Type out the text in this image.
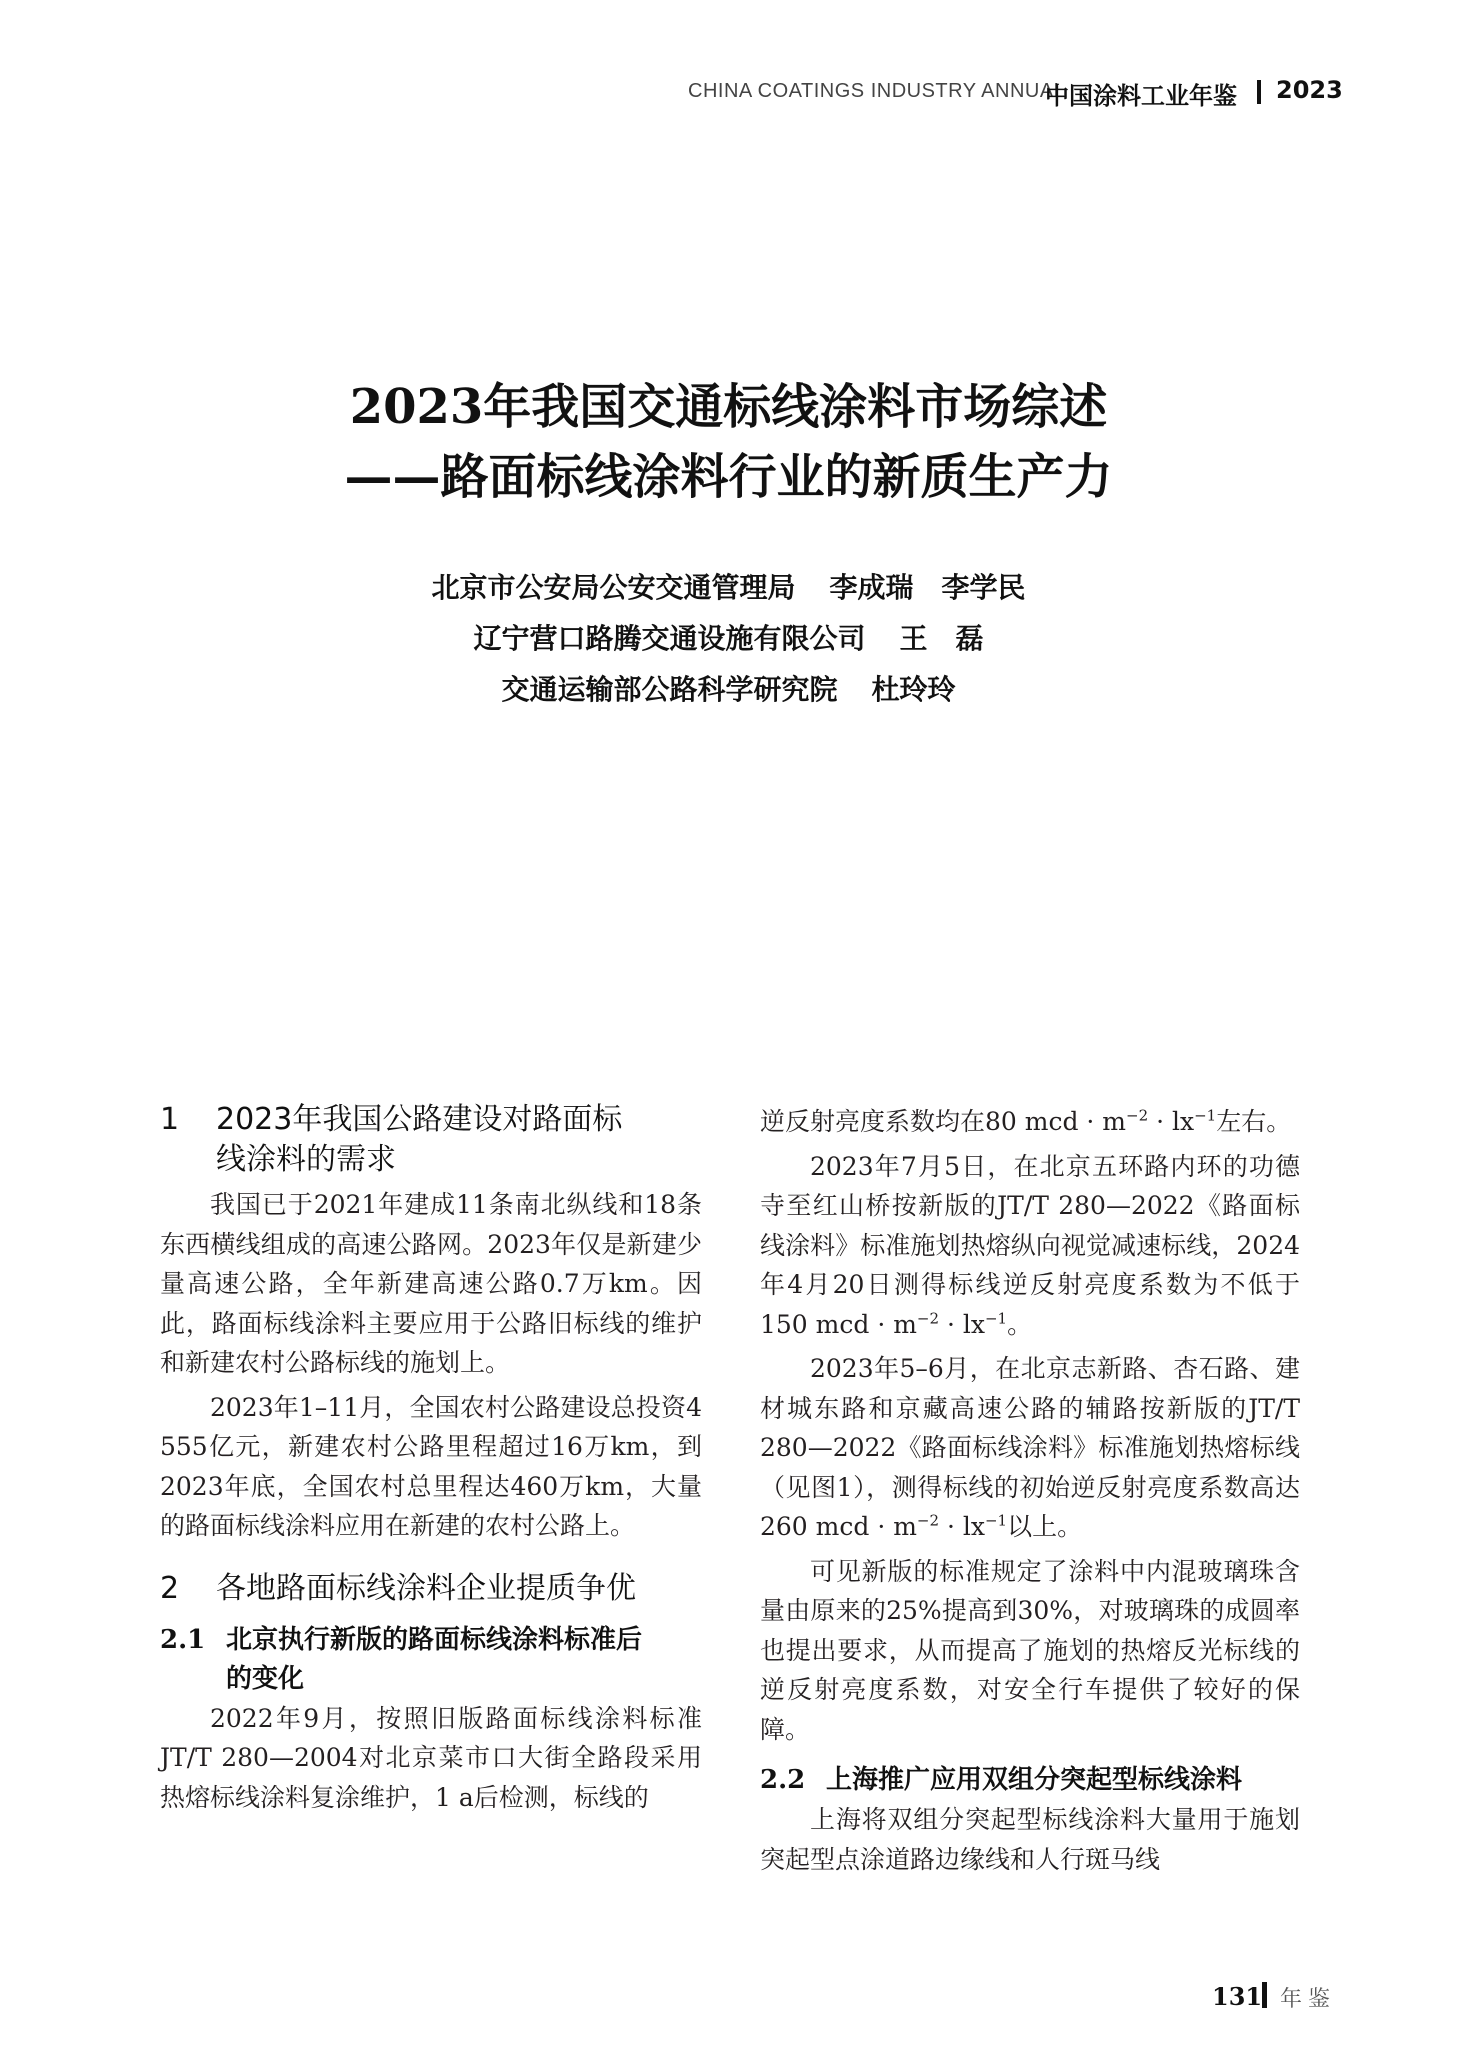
CHINA COATINGS INDUSTRY ANNUAL
中国涂料工业年鉴 2023
2023年我国交通标线涂料市场综述
——路面标线涂料行业的新质生产力
北京市公安局公安交通管理局 李成瑞　李学民
辽宁营口路腾交通设施有限公司 王　磊
交通运输部公路科学研究院 杜玲玲
1 2023年我国公路建设对路面标
线涂料的需求

我国已于2021年建成11条南北纵线和18条东西横线组成的高速公路网。2023年仅是新建少量高速公路，全年新建高速公路0.7万km。因此，路面标线涂料主要应用于公路旧标线的维护和新建农村公路标线的施划上。

2023年1–11月，全国农村公路建设总投资4 555亿元，新建农村公路里程超过16万km，到2023年底，全国农村总里程达460万km，大量的路面标线涂料应用在新建的农村公路上。

2 各地路面标线涂料企业提质争优
2.1 北京执行新版的路面标线涂料标准后
的变化

2022年9月，按照旧版路面标线涂料标准JT/T 280—2004对北京菜市口大街全路段采用热熔标线涂料复涂维护，1 a后检测，标线的

逆反射亮度系数均在80 mcd · $m^{-2} \cdot lx^{-1}$左右。

2023年7月5日，在北京五环路内环的功德寺至红山桥按新版的JT/T 280—2022《路面标线涂料》标准施划热熔纵向视觉减速标线，2024年4月20日测得标线逆反射亮度系数为不低于150 mcd · $m^{-2} \cdot lx^{-1}$。

2023年5–6月，在北京志新路、杏石路、建材城东路和京藏高速公路的辅路按新版的JT/T 280—2022《路面标线涂料》标准施划热熔标线（见图1），测得标线的初始逆反射亮度系数高达260 mcd · $m^{-2} \cdot lx^{-1}$以上。

可见新版的标准规定了涂料中内混玻璃珠含量由原来的25%提高到30%，对玻璃珠的成圆率也提出要求，从而提高了施划的热熔反光标线的逆反射亮度系数，对安全行车提供了较好的保障。

2.2 上海推广应用双组分突起型标线涂料

上海将双组分突起型标线涂料大量用于施划突起型点涂道路边缘线和人行斑马线

131 年鉴
